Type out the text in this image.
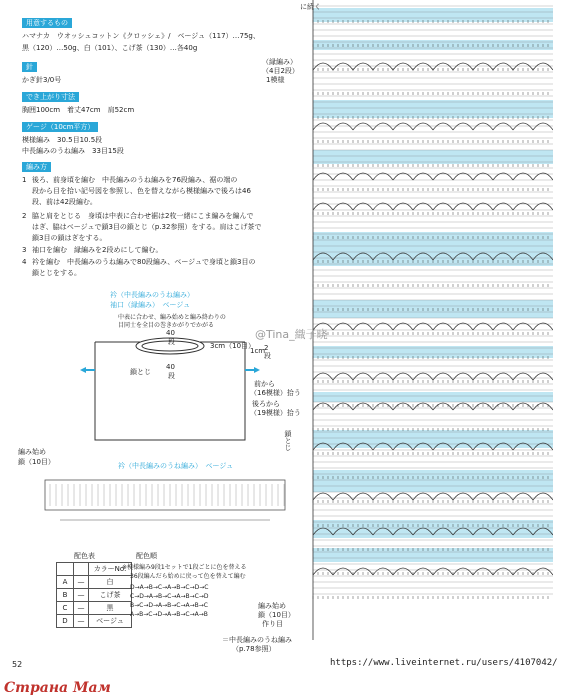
用意するもの
ハマナカ　ウオッシュコットン《クロッシェ》/　ベージュ（117）…75g、
黒（120）…50g、白（101）、こげ茶（130）…各40g
針
かぎ針3/0号
でき上がり寸法
胸囲100cm　着丈47cm　肩52cm
ゲージ（10cm平方）
模様編み　30.5目10.5段
中長編みのうね編み　33目15段
編み方
1 後ろ、前身頃を編む　中長編みのうね編みを76段編み、裾の端の
段から目を拾い記号図を参照し、色を替えながら模様編みで後ろは46
段、前は42段編む。
2 脇と肩をとじる　身頃は中表に合わせ裾は2枚一緒にこま編みを編んで
はぎ、脇はベージュで鎖3目の鎖とじ（p.32参照）をする。肩はこげ茶で
鎖3目の鎖はぎをする。
3 袖口を編む　縁編みを2段めにして編む。
4 衿を編む　中長編みのうね編みで80段編み、ベージュで身頃と鎖3目の
鎖とじをする。
衿（中長編みのうね編み）
袖口（縁編み）　ベージュ
中表に合わせ、編み始めと編み終わりの
目同士を全目の巻きかがりでかがる
40
段	3cm（10目）
1cm
2
段
40
段
鎖とじ
衿（中長編みのうね編み）　ベージュ
編み始め
鎖（10目）
配色表
		カラーNo.
A	—	白
B	—	こげ茶
C	—	黒
D	—	ベージュ
配色順
※模様編み9段1セットで1段ごとに色を替える
36段編んだら始めに戻って色を替えて編む
D→A→B→C→A→B→C→D→C
C→D→A→B→C→A→B→C→D
B→C→D→A→B→C→A→B→C
A→B→C→D→A→B→C→A→B
に続く
（縁編み）
（4目2段）
1模様
前から
（16模様）拾う
後ろから
（19模様）拾う
鎖とじ
編み始め
鎖（10目）
作り目
＝中長編みのうね編み
（p.78参照）
@Tina_織子晓
52	https://www.liveinternet.ru/users/4107042/
Страна Мам
